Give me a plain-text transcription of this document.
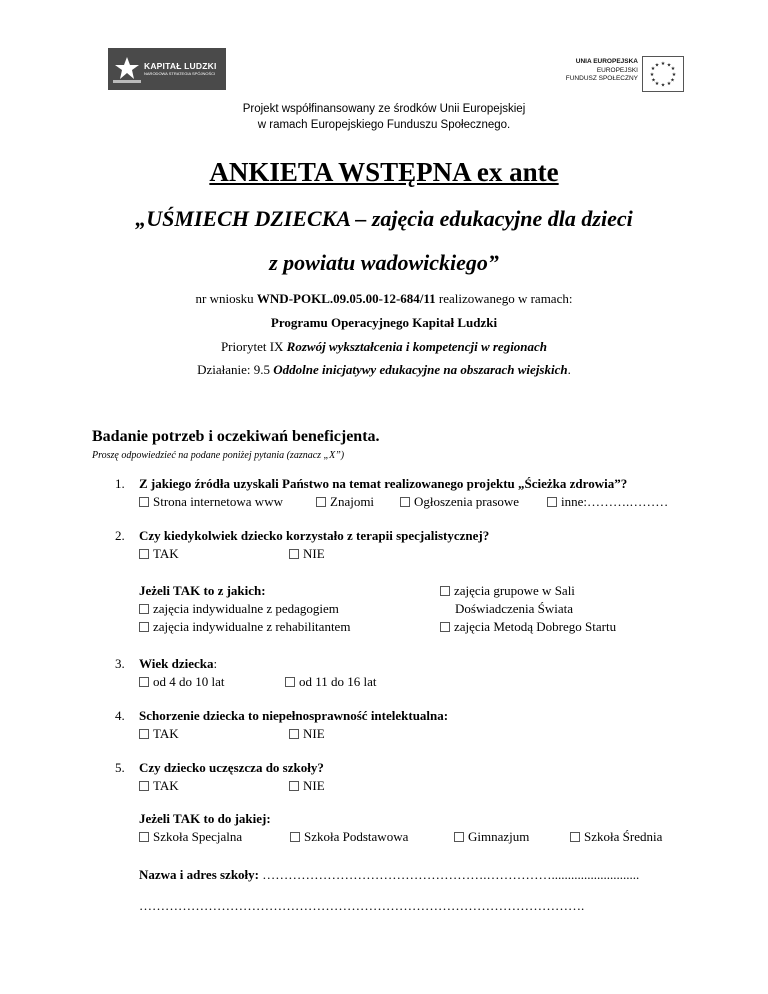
KAPITAŁ LUDZKI
NARODOWA STRATEGIA SPÓJNOŚCI
UNIA EUROPEJSKA
EUROPEJSKI
FUNDUSZ SPOŁECZNY
★ ★
★
★
★
★
★
★
★
★
★
★
Projekt współfinansowany ze środków Unii Europejskiej
w ramach Europejskiego Funduszu Społecznego.
ANKIETA WSTĘPNA ex ante
„UŚMIECH DZIECKA – zajęcia edukacyjne dla dzieci
z powiatu wadowickiego”
nr wniosku WND-POKL.09.05.00-12-684/11 realizowanego w ramach:
Programu Operacyjnego Kapitał Ludzki
Priorytet IX Rozwój wykształcenia i kompetencji w regionach
Działanie: 9.5 Oddolne inicjatywy edukacyjne na obszarach wiejskich.
Badanie potrzeb i oczekiwań beneficjenta.
Proszę odpowiedzieć na podane poniżej pytania (zaznacz „X”)
1. Z jakiego źródła uzyskali Państwo na temat realizowanego projektu „Ścieżka zdrowia”?
Strona internetowa www	Znajomi	Ogłoszenia prasowe	inne:……….………
2. Czy kiedykolwiek dziecko korzystało z terapii specjalistycznej?
TAK	NIE
Jeżeli TAK to z jakich:
zajęcia indywidualne z pedagogiem
zajęcia indywidualne z rehabilitantem
zajęcia grupowe w Sali
Doświadczenia Świata
zajęcia Metodą Dobrego Startu
3. Wiek dziecka:
od 4 do 10 lat	od 11 do 16 lat
4. Schorzenie dziecka to niepełnosprawność intelektualna:
TAK	NIE
5. Czy dziecko uczęszcza do szkoły?
TAK	NIE
Jeżeli TAK to do jakiej:
Szkoła Specjalna	Szkoła Podstawowa	Gimnazjum	Szkoła Średnia
Nazwa i adres szkoły: …………………………………………….……………...........................
………………………………………………………………………………………….
